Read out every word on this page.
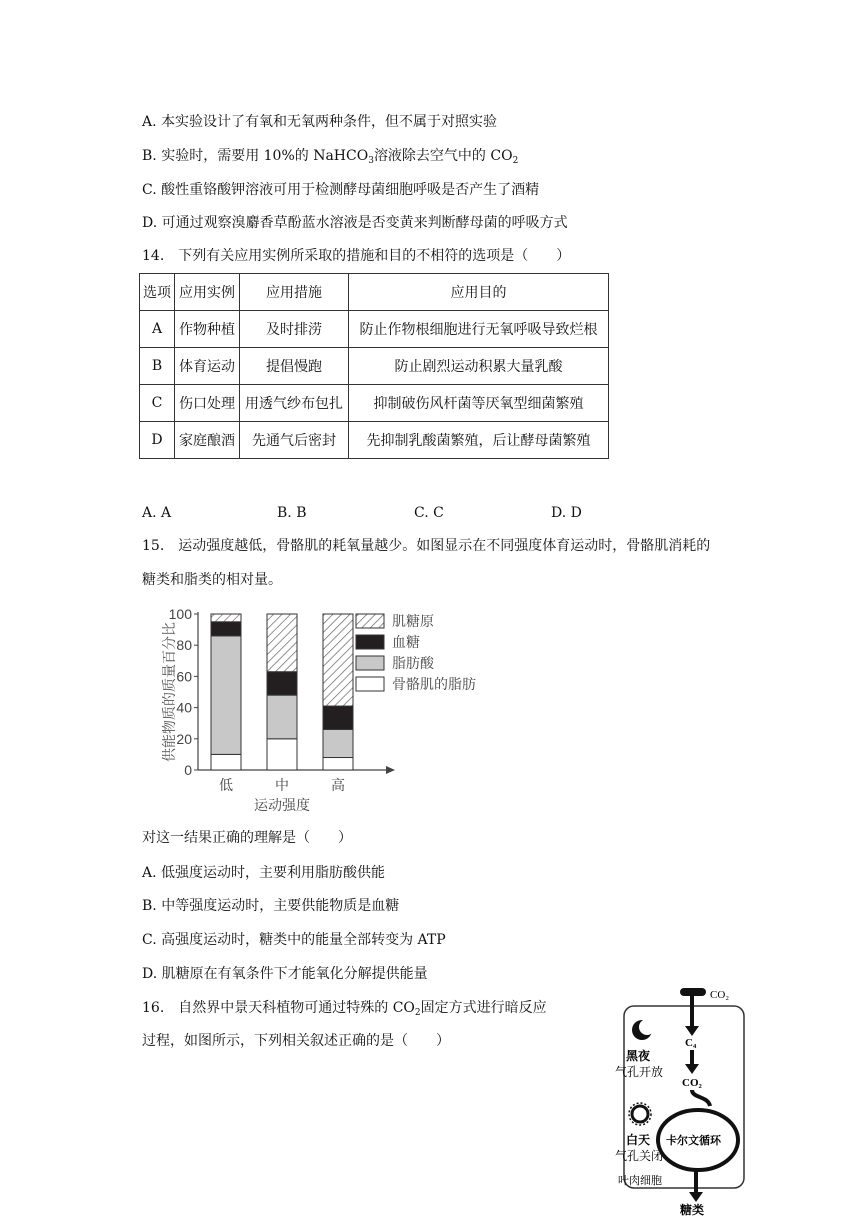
A. 本实验设计了有氧和无氧两种条件，但不属于对照实验
B. 实验时，需要用 10%的 NaHCO$_3$溶液除去空气中的 $CO_2$
C. 酸性重铬酸钾溶液可用于检测酵母菌细胞呼吸是否产生了酒精
D. 可通过观察溴麝香草酚蓝水溶液是否变黄来判断酵母菌的呼吸方式
14.　下列有关应用实例所采取的措施和目的不相符的选项是（　　）
选项	应用实例	应用措施	应用目的
A	作物种植	及时排涝	防止作物根细胞进行无氧呼吸导致烂根
B	体育运动	提倡慢跑	防止剧烈运动积累大量乳酸
C	伤口处理	用透气纱布包扎	抑制破伤风杆菌等厌氧型细菌繁殖
D	家庭酿酒	先通气后密封	先抑制乳酸菌繁殖，后让酵母菌繁殖
A. A	B. B	C. C	D. D
15.　运动强度越低，骨骼肌的耗氧量越少。如图显示在不同强度体育运动时，骨骼肌消耗的
糖类和脂类的相对量。
0
20
40
60
80
100
供能物质的质量百分比
低	中	高
运动强度
肌糖原
血糖
脂肪酸
骨骼肌的脂肪
对这一结果正确的理解是（　　）
A. 低强度运动时，主要利用脂肪酸供能
B. 中等强度运动时，主要供能物质是血糖
C. 高强度运动时，糖类中的能量全部转变为 ATP
D. 肌糖原在有氧条件下才能氧化分解提供能量
16.　自然界中景天科植物可通过特殊的 $CO_2$固定方式进行暗反应
过程，如图所示，下列相关叙述正确的是（　　）
CO₂
C₄
CO₂
黑夜
气孔开放
白天
气孔关闭
卡尔文循环
叶肉细胞
糖类
